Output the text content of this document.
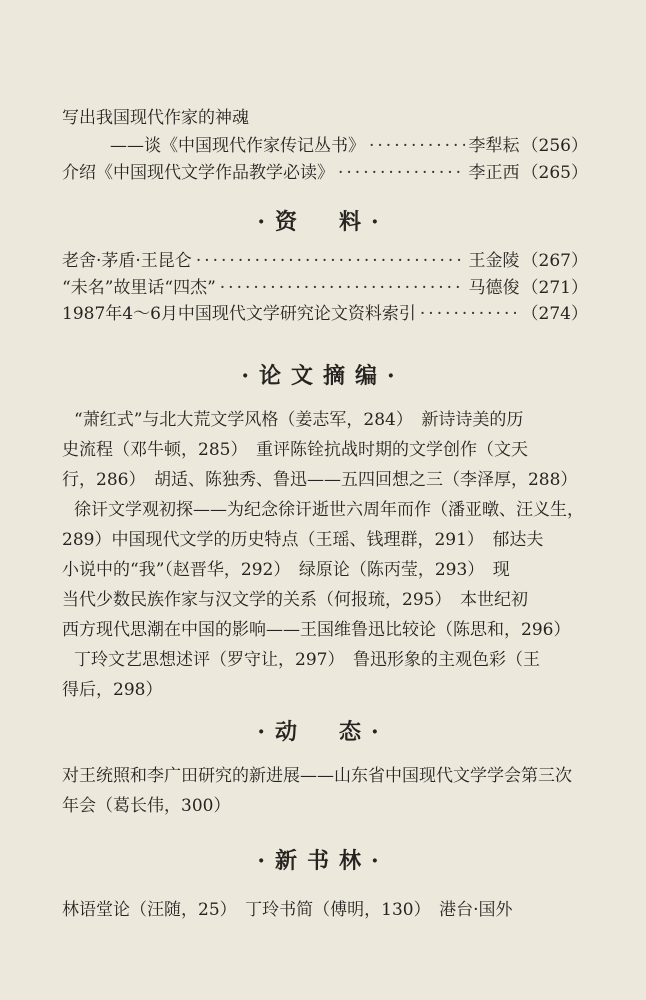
写出我国现代作家的神魂
——谈《中国现代作家传记丛书》 ·····	李犁耘 （256）
介绍《中国现代文学作品教学必读》 ·····	李正西 （265）
·资　料·
老舍·茅盾·王昆仑 ·····	王金陵 （267）
“未名”故里话“四杰” ·····	马德俊 （271）
1987年4～6月中国现代文学研究论文资料索引 ·····	（274）
·论文摘编·

“萧红式”与北大荒文学风格（姜志军，284）　新诗诗美的历

史流程（邓牛顿，285）　重评陈铨抗战时期的文学创作（文天

行，286）　胡适、陈独秀、鲁迅——五四回想之三（李泽厚，288）

徐讦文学观初探——为纪念徐讦逝世六周年而作（潘亚暾、汪义生，

289）中国现代文学的历史特点（王瑶、钱理群，291）　郁达夫

小说中的“我”（赵晋华，292）　绿原论（陈丙莹，293）　现

当代少数民族作家与汉文学的关系（何报琉，295）　本世纪初

西方现代思潮在中国的影响——王国维鲁迅比较论（陈思和，296）

丁玲文艺思想述评（罗守让，297）　鲁迅形象的主观色彩（王

得后，298）

·动　态·

对王统照和李广田研究的新进展——山东省中国现代文学学会第三次

年会（葛长伟，300）

·新书林·
林语堂论（汪随，25）　丁玲书简（傅明，130）　港台·国外
